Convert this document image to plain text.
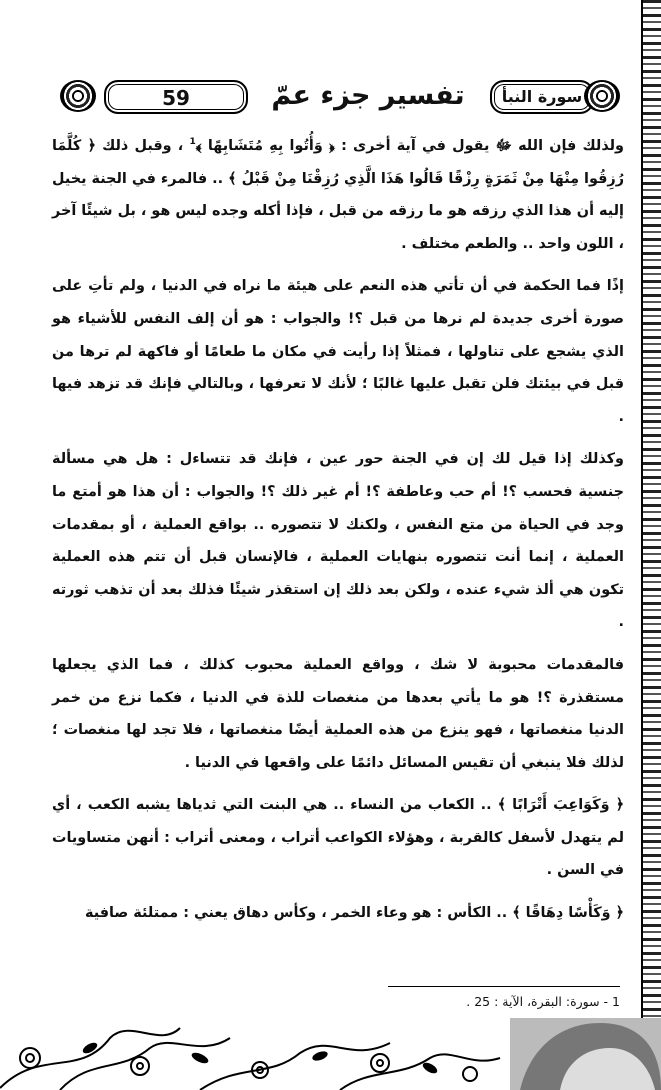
59	تفسير جزء عمّ	سورة النبأ

ولذلك فإن الله ﷻ يقول في آية أخرى : ﴿ وَأُتُوا بِهِ مُتَشَابِهًا ﴾$^1$ ، وقبل ذلك ﴿ كُلَّمَا رُزِقُوا مِنْهَا مِنْ ثَمَرَةٍ رِزْقًا قَالُوا هَذَا الَّذِي رُزِقْنَا مِنْ قَبْلُ ﴾ .. فالمرء في الجنة يخيل إليه أن هذا الذي رزقه هو ما رزقه من قبل ، فإذا أكله وجده ليس هو ، بل شيئًا آخر ، اللون واحد .. والطعم مختلف .

إذًا فما الحكمة في أن تأتي هذه النعم على هيئة ما نراه في الدنيا ، ولم تأتِ على صورة أخرى جديدة لم نرها من قبل ؟! والجواب : هو أن إلف النفس للأشياء هو الذي يشجع على تناولها ، فمثلاً إذا رأيت في مكان ما طعامًا أو فاكهة لم ترها من قبل في بيئتك فلن تقبل عليها غالبًا ؛ لأنك لا تعرفها ، وبالتالي فإنك قد تزهد فيها .

وكذلك إذا قيل لك إن في الجنة حور عين ، فإنك قد تتساءل : هل هي مسألة جنسية فحسب ؟! أم حب وعاطفة ؟! أم غير ذلك ؟! والجواب : أن هذا هو أمتع ما وجد في الحياة من متع النفس ، ولكنك لا تتصوره .. بواقع العملية ، أو بمقدمات العملية ، إنما أنت تتصوره بنهايات العملية ، فالإنسان قبل أن تتم هذه العملية تكون هي ألذ شيء عنده ، ولكن بعد ذلك إن استقذر شيئًا فذلك بعد أن تذهب ثورته .

فالمقدمات محبوبة لا شك ، وواقع العملية محبوب كذلك ، فما الذي يجعلها مستقذرة ؟! هو ما يأتي بعدها من منغصات للذة في الدنيا ، فكما نزع من خمر الدنيا منغصاتها ، فهو ينزع من هذه العملية أيضًا منغصاتها ، فلا تجد لها منغصات ؛ لذلك فلا ينبغي أن تقيس المسائل دائمًا على واقعها في الدنيا .

﴿ وَكَوَاعِبَ أَتْرَابًا ﴾ .. الكعاب من النساء .. هي البنت التي ثدياها يشبه الكعب ، أي لم يتهدل لأسفل كالقربة ، وهؤلاء الكواعب أتراب ، ومعنى أتراب : أنهن متساويات في السن .

﴿ وَكَأْسًا دِهَاقًا ﴾ .. الكأس : هو وعاء الخمر ، وكأس دهاق يعني : ممتلئة صافية

1 - سورة: البقرة، الآية : 25 .
